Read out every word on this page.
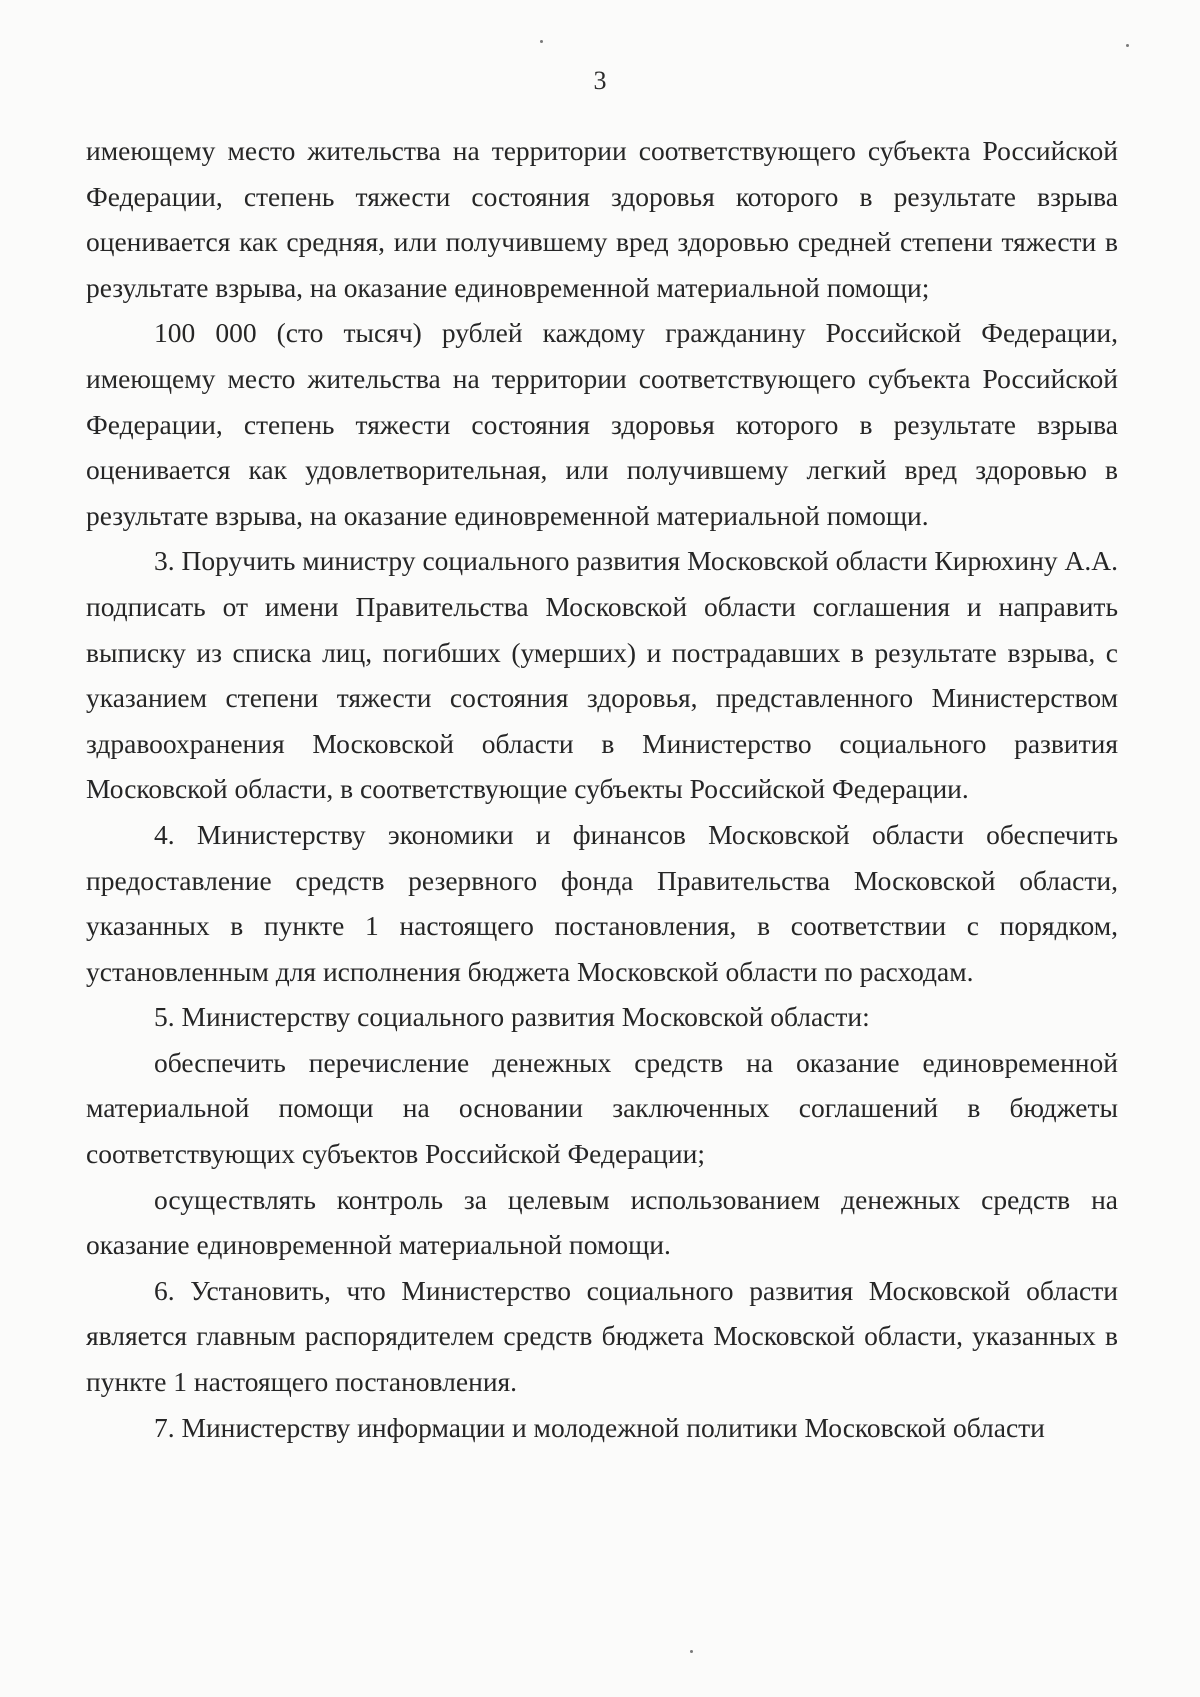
3

имеющему место жительства на территории соответствующего субъекта Российской Федерации, степень тяжести состояния здоровья которого в результате взрыва оценивается как средняя, или получившему вред здоровью средней степени тяжести в результате взрыва, на оказание единовременной материальной помощи;

100 000 (сто тысяч) рублей каждому гражданину Российской Федерации, имеющему место жительства на территории соответствующего субъекта Российской Федерации, степень тяжести состояния здоровья которого в результате взрыва оценивается как удовлетворительная, или получившему легкий вред здоровью в результате взрыва, на оказание единовременной материальной помощи.

3. Поручить министру социального развития Московской области Кирюхину А.А. подписать от имени Правительства Московской области соглашения и направить выписку из списка лиц, погибших (умерших) и пострадавших в результате взрыва, с указанием степени тяжести состояния здоровья, представленного Министерством здравоохранения Московской области в Министерство социального развития Московской области, в соответствующие субъекты Российской Федерации.

4. Министерству экономики и финансов Московской области обеспечить предоставление средств резервного фонда Правительства Московской области, указанных в пункте 1 настоящего постановления, в соответствии с порядком, установленным для исполнения бюджета Московской области по расходам.

5. Министерству социального развития Московской области:

обеспечить перечисление денежных средств на оказание единовременной материальной помощи на основании заключенных соглашений в бюджеты соответствующих субъектов Российской Федерации;

осуществлять контроль за целевым использованием денежных средств на оказание единовременной материальной помощи.

6. Установить, что Министерство социального развития Московской области является главным распорядителем средств бюджета Московской области, указанных в пункте 1 настоящего постановления.

7. Министерству информации и молодежной политики Московской области
